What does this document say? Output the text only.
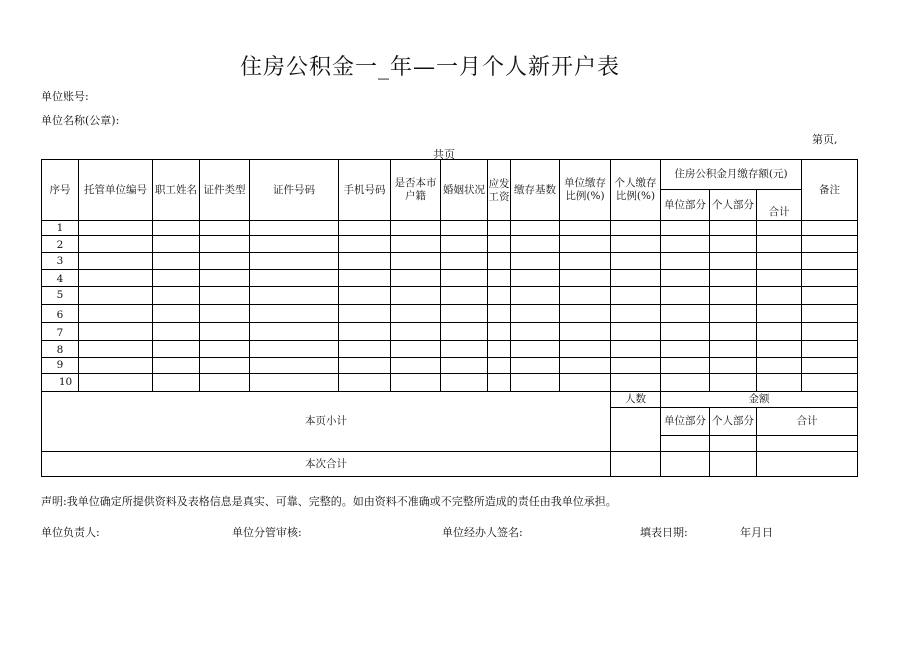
住房公积金一_年—一月个人新开户表
单位账号:
单位名称(公章):
第页,
共页
序号	托管单位编号	职工姓名	证件类型	证件号码	手机号码	是否本市户籍	婚姻状况	应发工资	缴存基数	单位缴存比例(%)	个人缴存比例(%)	住房公积金月缴存额(元)			备注
												单位部分	个人部分		
														合计	
1															
2															
3															
4															
5															
6															
7															
8															
9															
10															
本页小计											人数	金额			
												单位部分	个人部分	合计	

本次合计															
声明:我单位确定所提供资料及表格信息是真实、可靠、完整的。如由资料不准确或不完整所造成的责任由我单位承担。
单位负责人:	单位分管审核:	单位经办人签名:	填表日期:	年月日
